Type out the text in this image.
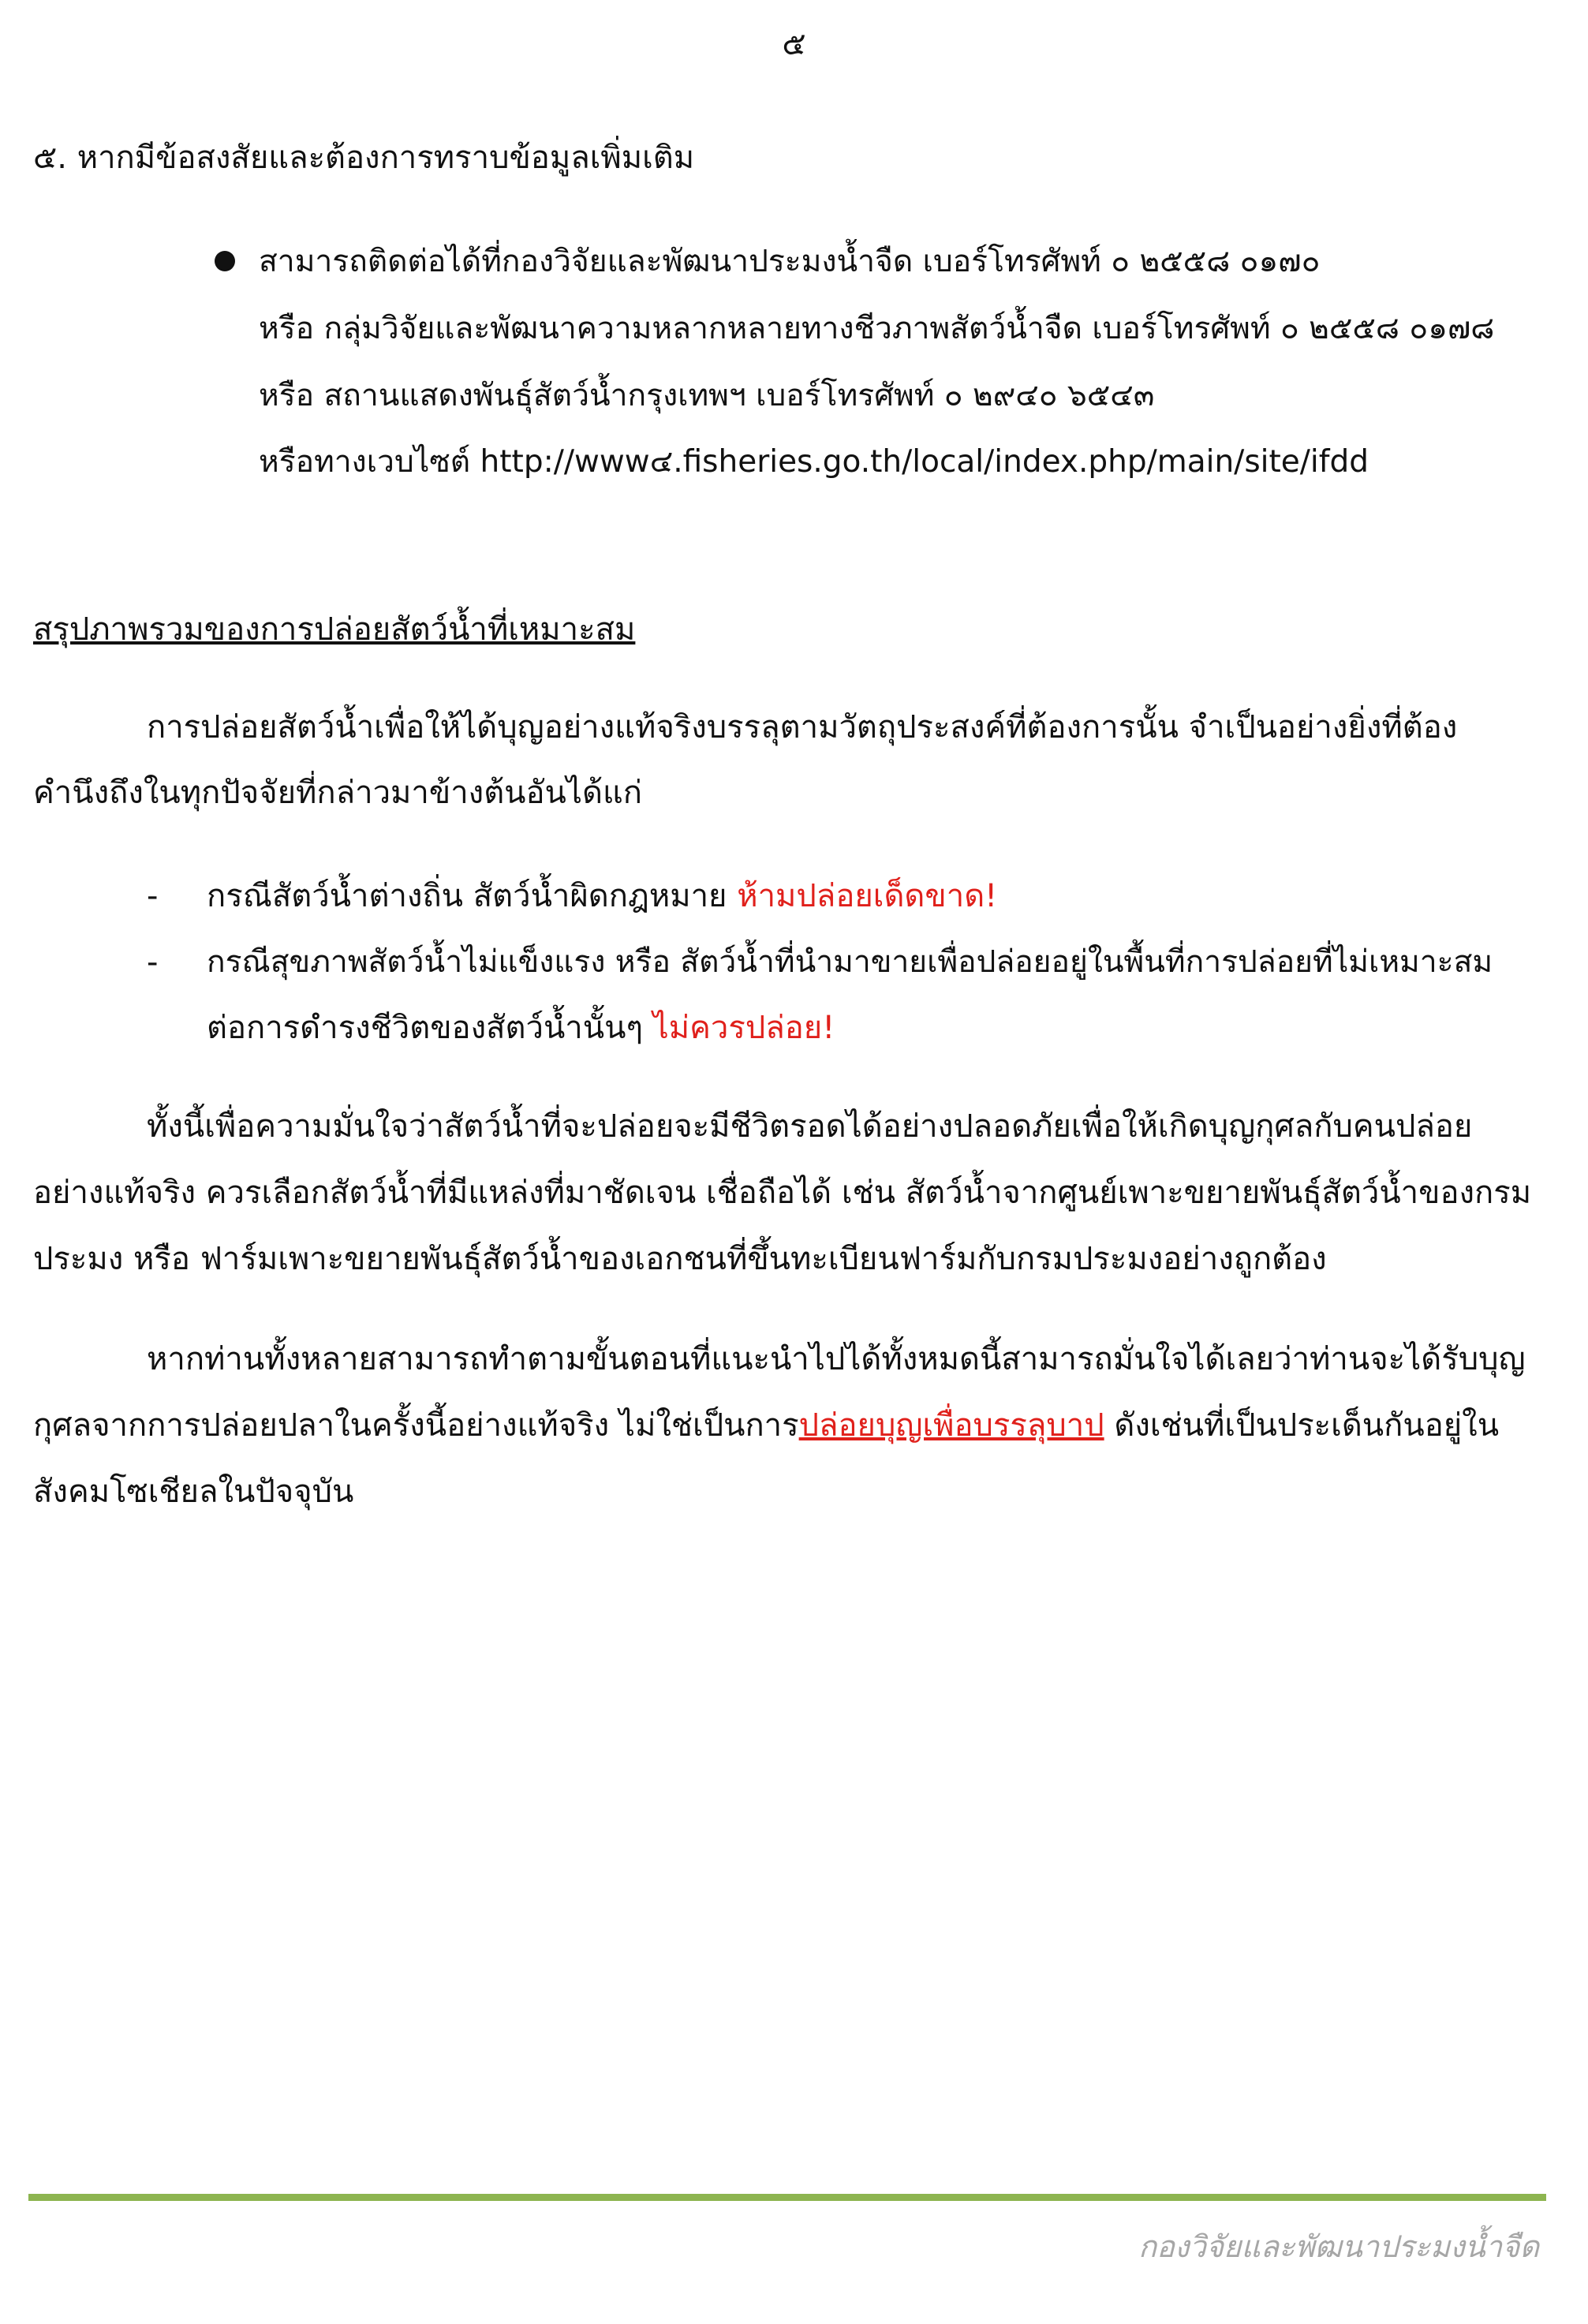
๕
๕. หากมีข้อสงสัยและต้องการทราบข้อมูลเพิ่มเติม
สามารถติดต่อได้ที่กองวิจัยและพัฒนาประมงน้ำจืด เบอร์โทรศัพท์ ๐ ๒๕๕๘ ๐๑๗๐
หรือ กลุ่มวิจัยและพัฒนาความหลากหลายทางชีวภาพสัตว์น้ำจืด เบอร์โทรศัพท์ ๐ ๒๕๕๘ ๐๑๗๘
หรือ สถานแสดงพันธุ์สัตว์น้ำกรุงเทพฯ เบอร์โทรศัพท์ ๐ ๒๙๔๐ ๖๕๔๓
หรือทางเวบไซต์ http://www๔.fisheries.go.th/local/index.php/main/site/ifdd
สรุปภาพรวมของการปล่อยสัตว์น้ำที่เหมาะสม
การปล่อยสัตว์น้ำเพื่อให้ได้บุญอย่างแท้จริงบรรลุตามวัตถุประสงค์ที่ต้องการนั้น จำเป็นอย่างยิ่งที่ต้อง
คำนึงถึงในทุกปัจจัยที่กล่าวมาข้างต้นอันได้แก่
- กรณีสัตว์น้ำต่างถิ่น สัตว์น้ำผิดกฎหมาย ห้ามปล่อยเด็ดขาด!
- กรณีสุขภาพสัตว์น้ำไม่แข็งแรง หรือ สัตว์น้ำที่นำมาขายเพื่อปล่อยอยู่ในพื้นที่การปล่อยที่ไม่เหมาะสม
ต่อการดำรงชีวิตของสัตว์น้ำนั้นๆ ไม่ควรปล่อย!
ทั้งนี้เพื่อความมั่นใจว่าสัตว์น้ำที่จะปล่อยจะมีชีวิตรอดได้อย่างปลอดภัยเพื่อให้เกิดบุญกุศลกับคนปล่อย
อย่างแท้จริง ควรเลือกสัตว์น้ำที่มีแหล่งที่มาชัดเจน เชื่อถือได้ เช่น สัตว์น้ำจากศูนย์เพาะขยายพันธุ์สัตว์น้ำของกรม
ประมง หรือ ฟาร์มเพาะขยายพันธุ์สัตว์น้ำของเอกชนที่ขึ้นทะเบียนฟาร์มกับกรมประมงอย่างถูกต้อง
หากท่านทั้งหลายสามารถทำตามขั้นตอนที่แนะนำไปได้ทั้งหมดนี้สามารถมั่นใจได้เลยว่าท่านจะได้รับบุญ
กุศลจากการปล่อยปลาในครั้งนี้อย่างแท้จริง ไม่ใช่เป็นการปล่อยบุญเพื่อบรรลุบาป ดังเช่นที่เป็นประเด็นกันอยู่ใน
สังคมโซเชียลในปัจจุบัน
กองวิจัยและพัฒนาประมงน้ำจืด
